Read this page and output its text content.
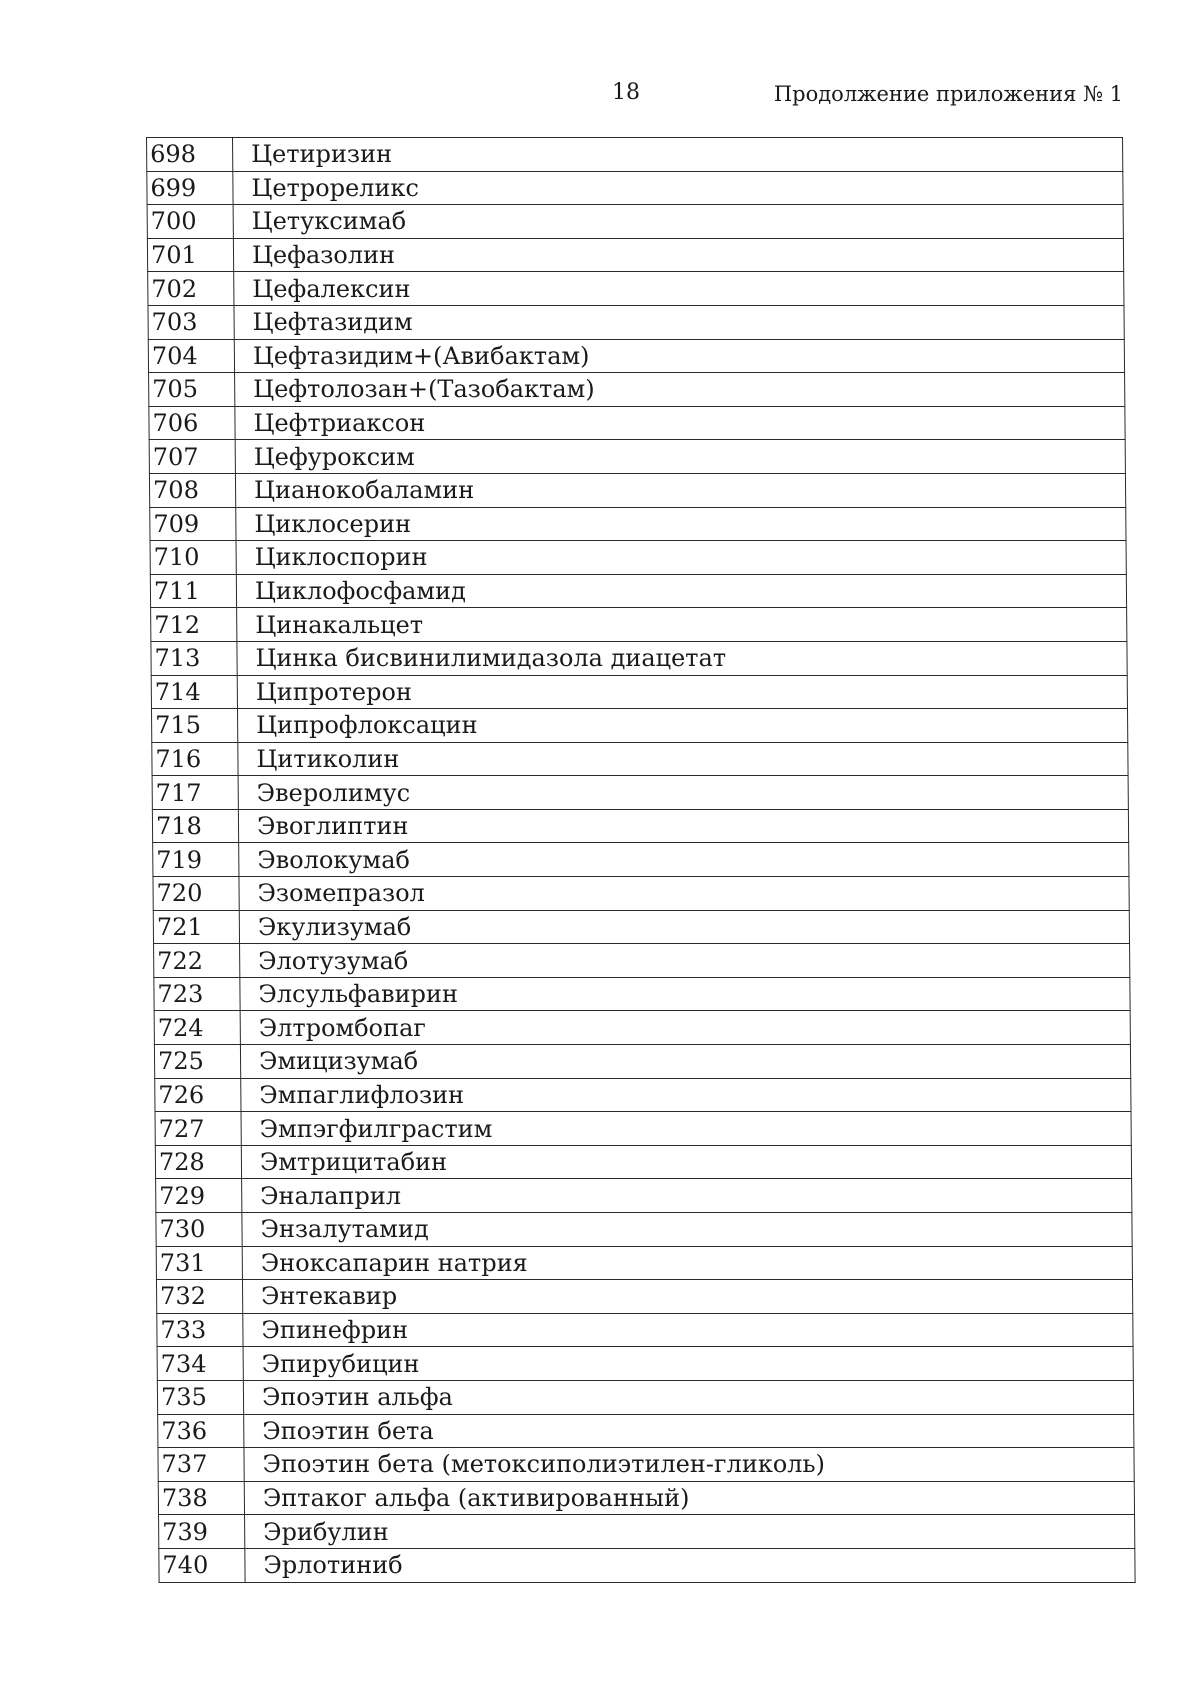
18	Продолжение приложения № 1
698	Цетиризин
699	Цетрореликс
700	Цетуксимаб
701	Цефазолин
702	Цефалексин
703	Цефтазидим
704	Цефтазидим+(Авибактам)
705	Цефтолозан+(Тазобактам)
706	Цефтриаксон
707	Цефуроксим
708	Цианокобаламин
709	Циклосерин
710	Циклоспорин
711	Циклофосфамид
712	Цинакальцет
713	Цинка бисвинилимидазола диацетат
714	Ципротерон
715	Ципрофлоксацин
716	Цитиколин
717	Эверолимус
718	Эвоглиптин
719	Эволокумаб
720	Эзомепразол
721	Экулизумаб
722	Элотузумаб
723	Элсульфавирин
724	Элтромбопаг
725	Эмицизумаб
726	Эмпаглифлозин
727	Эмпэгфилграстим
728	Эмтрицитабин
729	Эналаприл
730	Энзалутамид
731	Эноксапарин натрия
732	Энтекавир
733	Эпинефрин
734	Эпирубицин
735	Эпоэтин альфа
736	Эпоэтин бета
737	Эпоэтин бета (метоксиполиэтилен-гликоль)
738	Эптаког альфа (активированный)
739	Эрибулин
740	Эрлотиниб
